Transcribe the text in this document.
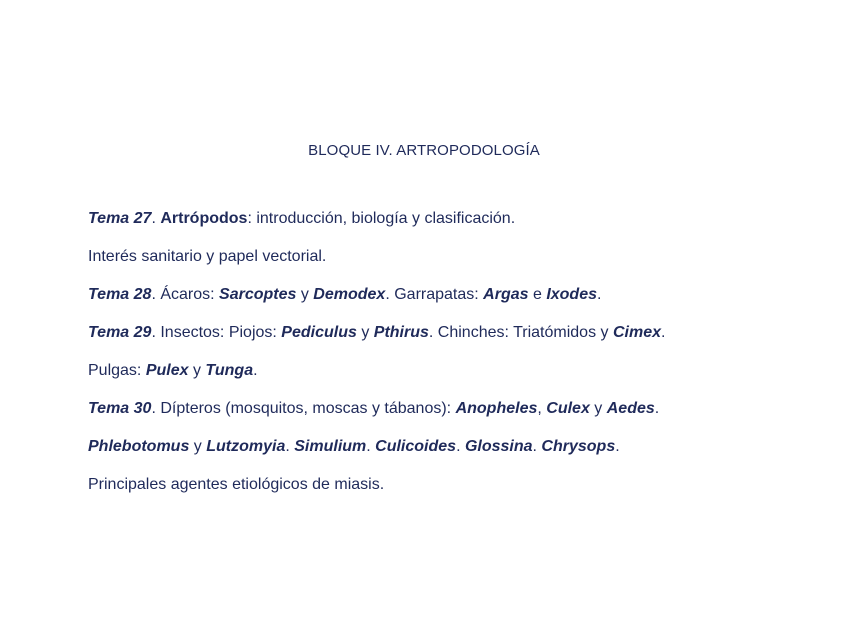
BLOQUE IV. ARTROPODOLOGÍA
Tema 27. Artrópodos: introducción, biología y clasificación.
Interés sanitario y papel vectorial.
Tema 28. Ácaros: Sarcoptes y Demodex. Garrapatas: Argas e Ixodes.
Tema 29. Insectos: Piojos: Pediculus y Pthirus. Chinches: Triatómidos y Cimex.
Pulgas: Pulex y Tunga.
Tema 30. Dípteros (mosquitos, moscas y tábanos): Anopheles, Culex y Aedes.
Phlebotomus y Lutzomyia. Simulium. Culicoides. Glossina. Chrysops.
Principales agentes etiológicos de miasis.
